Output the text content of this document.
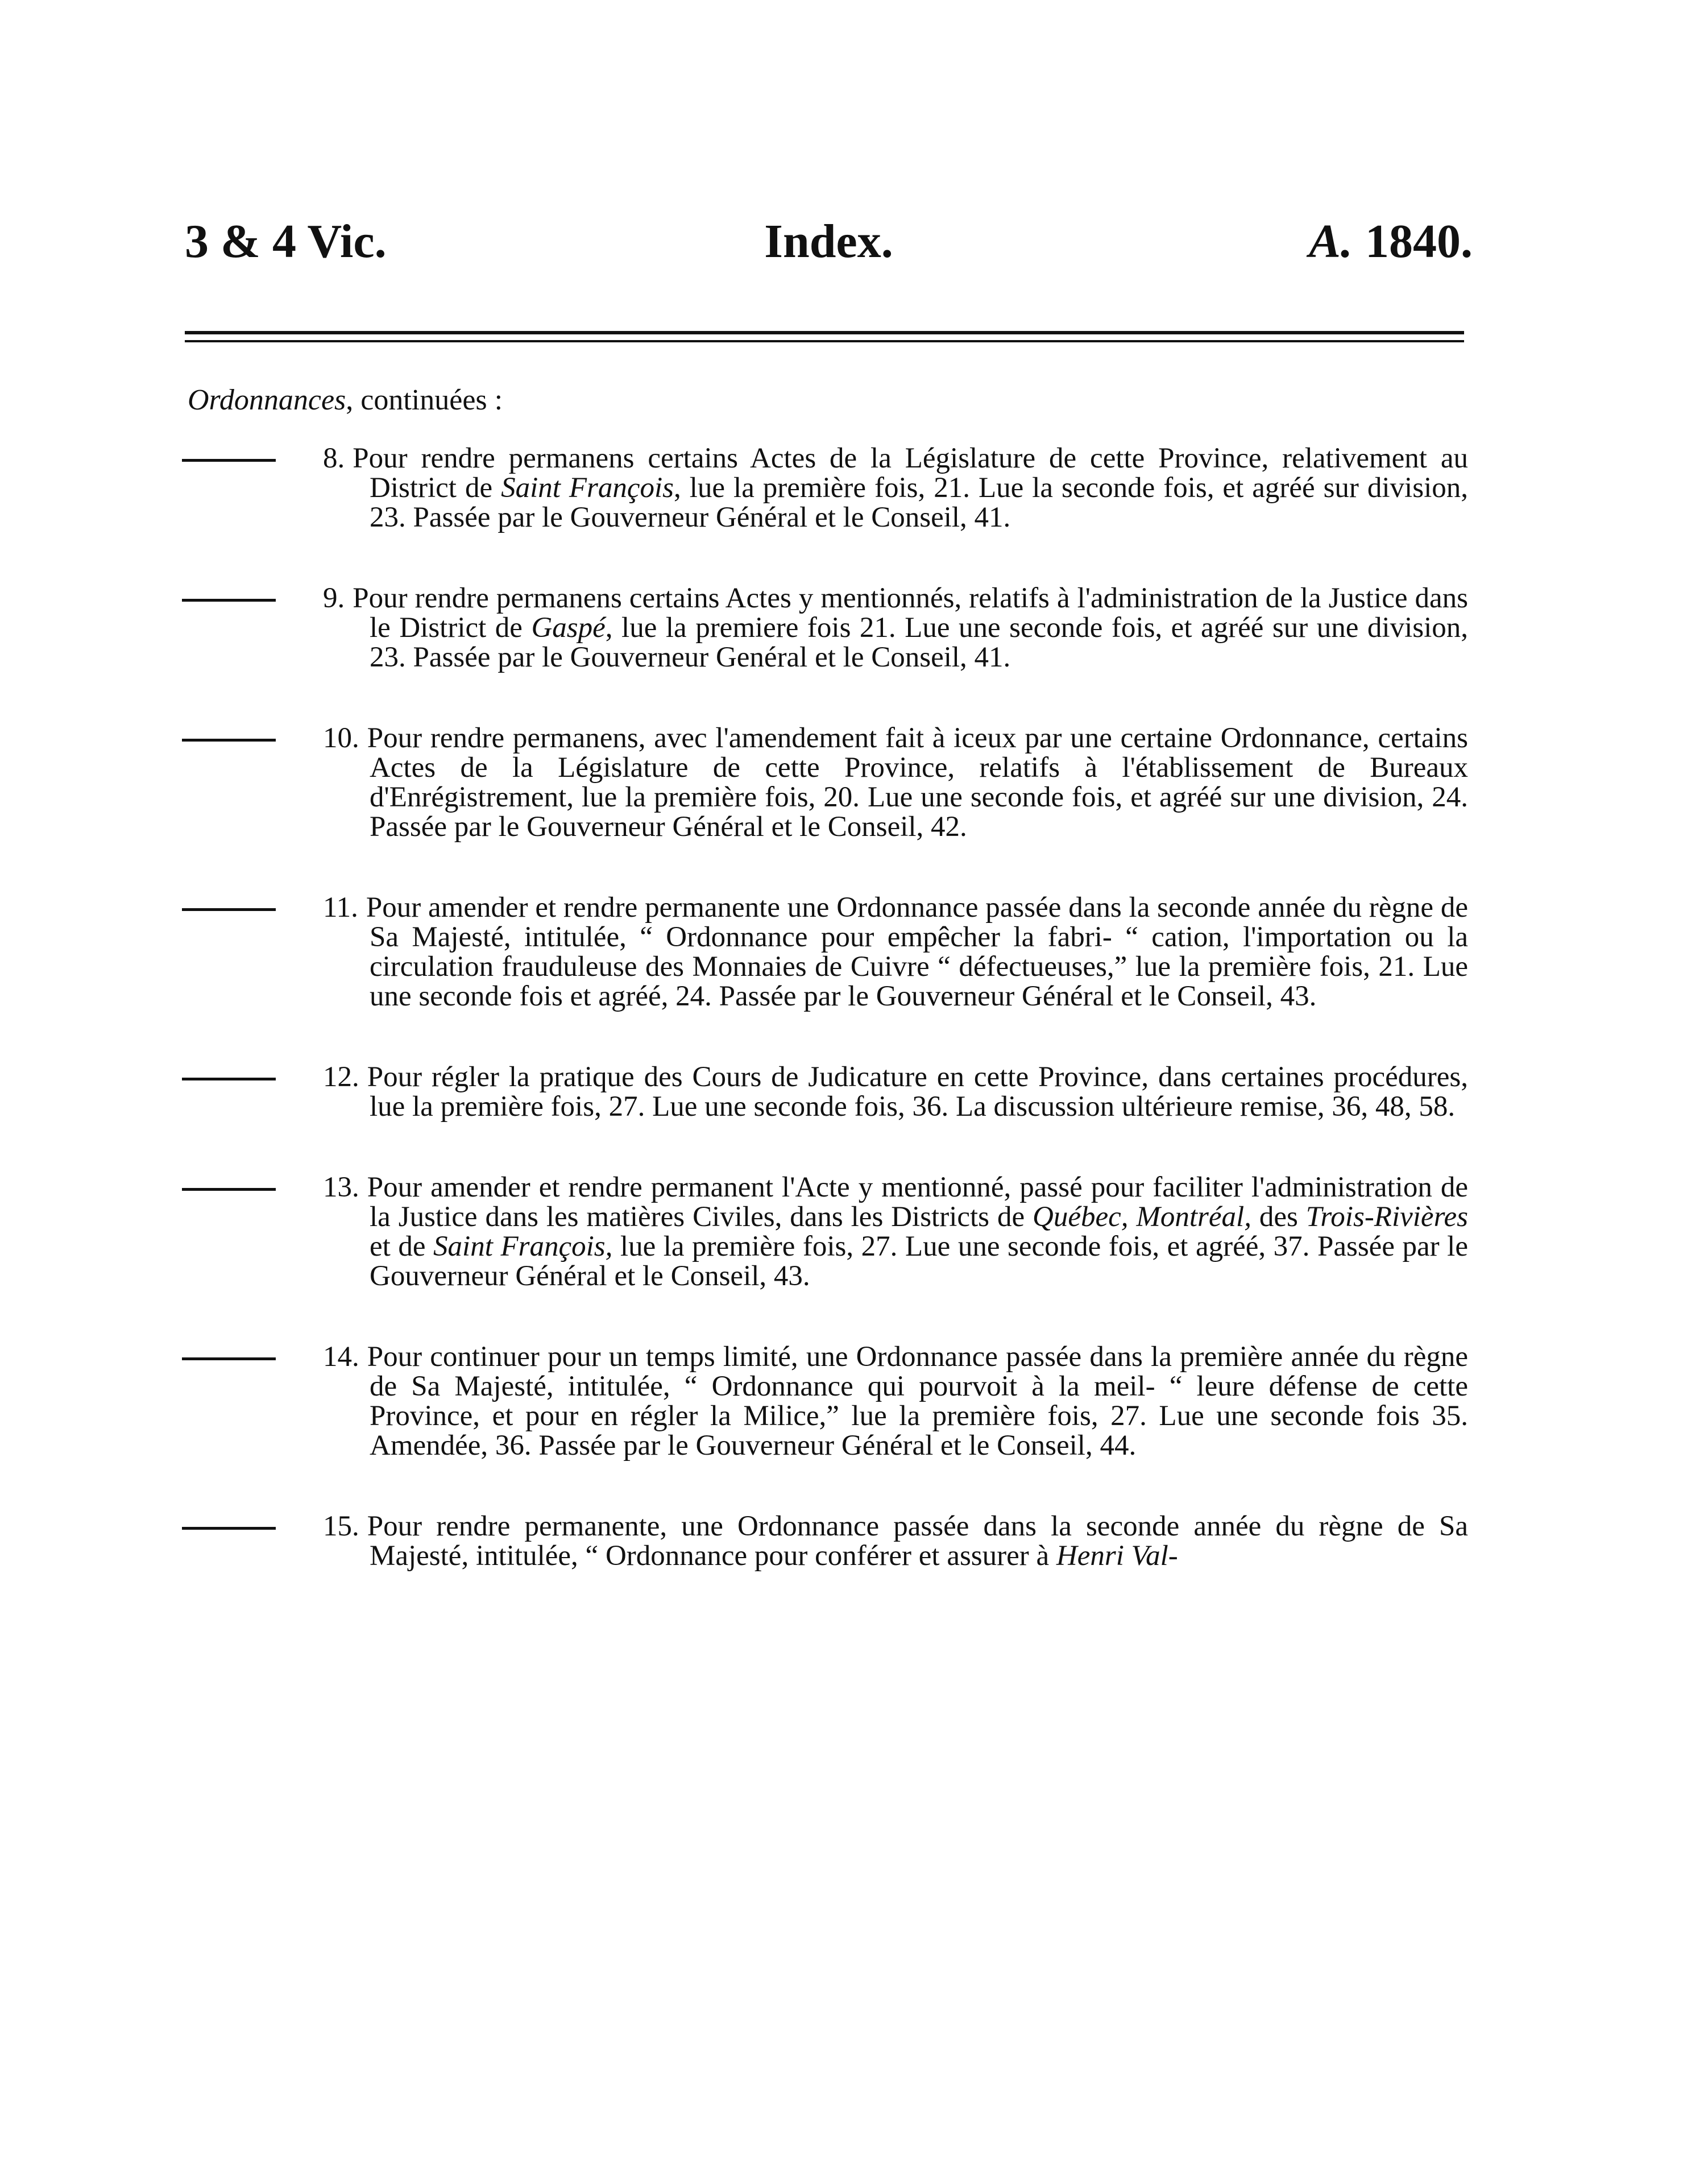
3 & 4 Vic.	Index.	A. 1840.
Ordonnances, continuées :
8. Pour rendre permanens certains Actes de la Législature de cette Province, relativement au District de Saint François, lue la première fois, 21. Lue la seconde fois, et agréé sur division, 23. Passée par le Gouverneur Général et le Conseil, 41.
9. Pour rendre permanens certains Actes y mentionnés, relatifs à l'administration de la Justice dans le District de Gaspé, lue la premiere fois 21. Lue une seconde fois, et agréé sur une division, 23. Passée par le Gouverneur Genéral et le Conseil, 41.
10. Pour rendre permanens, avec l'amendement fait à iceux par une certaine Ordonnance, certains Actes de la Législature de cette Province, relatifs à l'établissement de Bureaux d'Enrégistrement, lue la première fois, 20. Lue une seconde fois, et agréé sur une division, 24. Passée par le Gouverneur Général et le Conseil, 42.
11. Pour amender et rendre permanente une Ordonnance passée dans la seconde année du règne de Sa Majesté, intitulée, “ Ordonnance pour empêcher la fabri- “ cation, l'importation ou la circulation frauduleuse des Monnaies de Cuivre “ défectueuses,” lue la première fois, 21. Lue une seconde fois et agréé, 24. Passée par le Gouverneur Général et le Conseil, 43.
12. Pour régler la pratique des Cours de Judicature en cette Province, dans certaines procédures, lue la première fois, 27. Lue une seconde fois, 36. La discussion ultérieure remise, 36, 48, 58.
13. Pour amender et rendre permanent l'Acte y mentionné, passé pour faciliter l'administration de la Justice dans les matières Civiles, dans les Districts de Québec, Montréal, des Trois-Rivières et de Saint François, lue la première fois, 27. Lue une seconde fois, et agréé, 37. Passée par le Gouverneur Général et le Conseil, 43.
14. Pour continuer pour un temps limité, une Ordonnance passée dans la première année du règne de Sa Majesté, intitulée, “ Ordonnance qui pourvoit à la meil- “ leure défense de cette Province, et pour en régler la Milice,” lue la première fois, 27. Lue une seconde fois 35. Amendée, 36. Passée par le Gouverneur Général et le Conseil, 44.
15. Pour rendre permanente, une Ordonnance passée dans la seconde année du règne de Sa Majesté, intitulée, “ Ordonnance pour conférer et assurer à Henri Val-
